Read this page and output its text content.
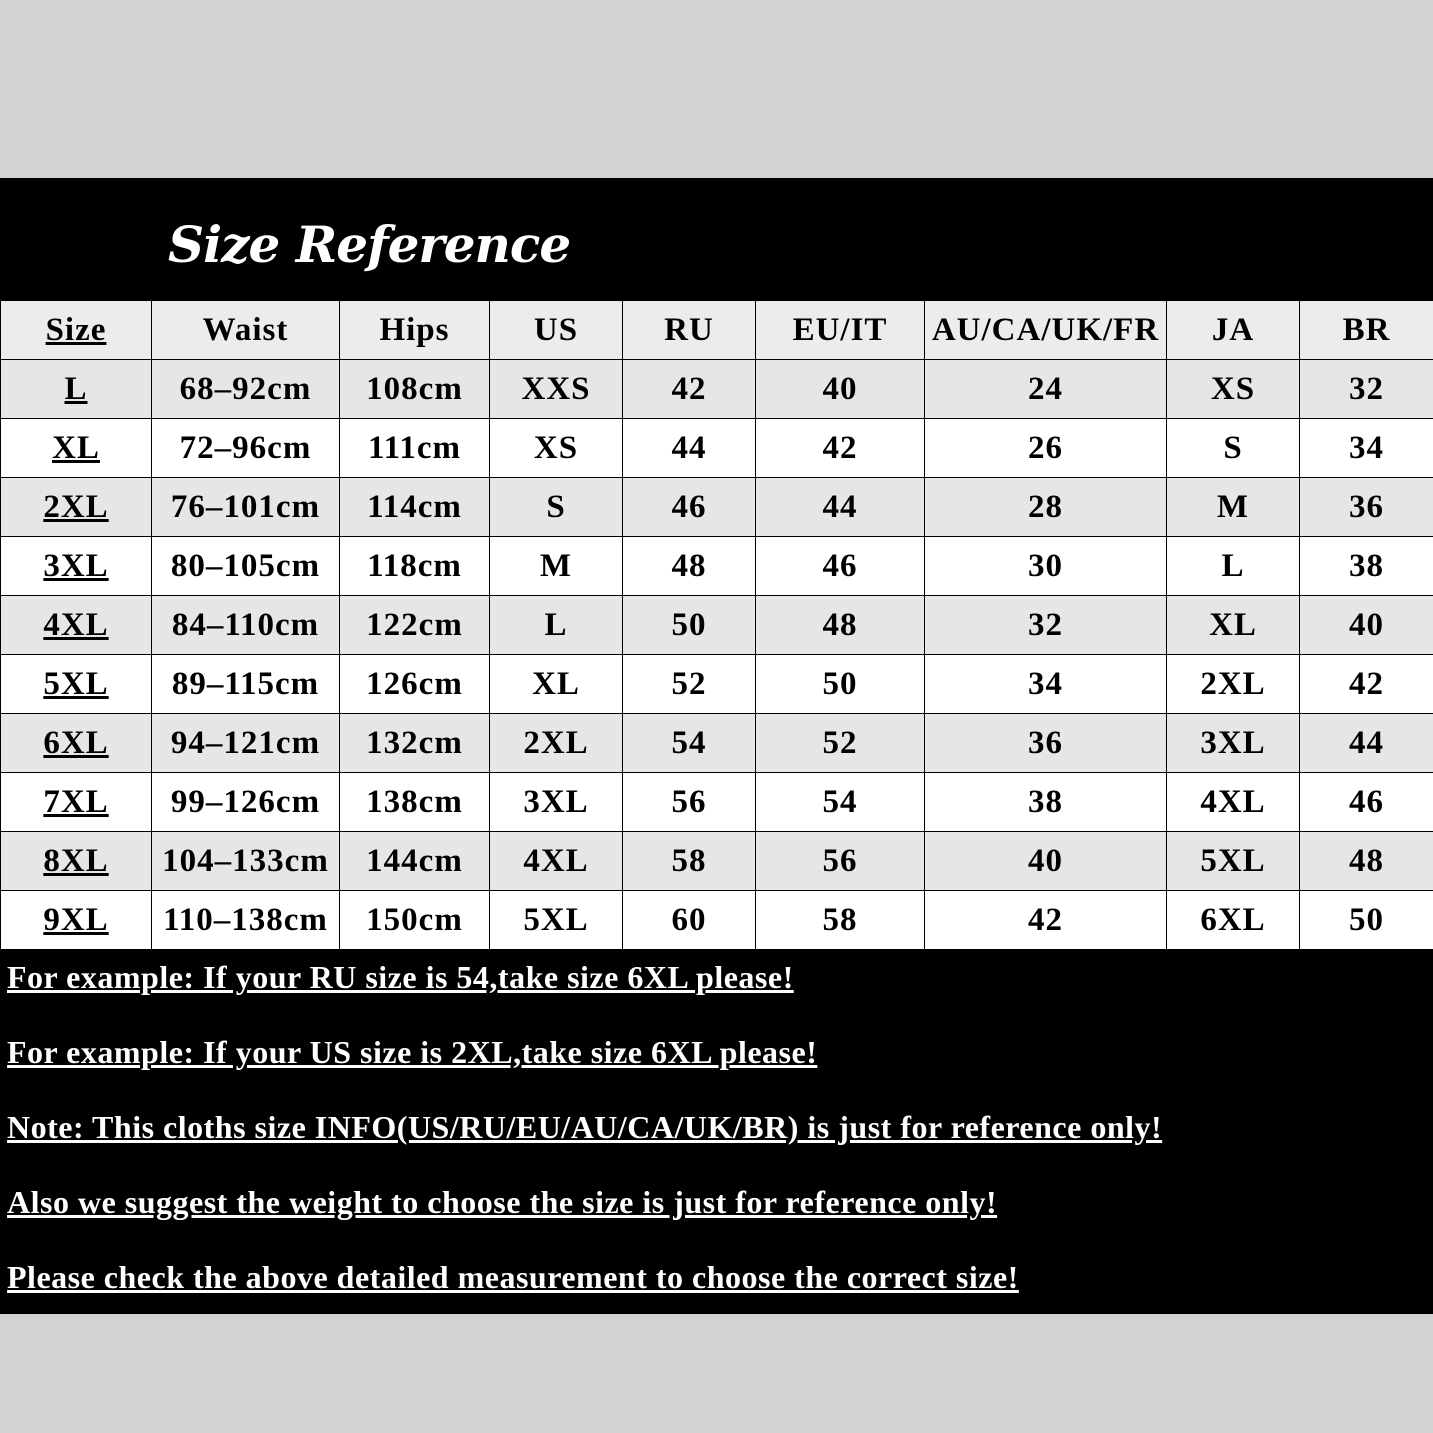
Size Reference
Size	Waist	Hips	US	RU	EU/IT	AU/CA/UK/FR	JA	BR
L	68–92cm	108cm	XXS	42	40	24	XS	32
XL	72–96cm	111cm	XS	44	42	26	S	34
2XL	76–101cm	114cm	S	46	44	28	M	36
3XL	80–105cm	118cm	M	48	46	30	L	38
4XL	84–110cm	122cm	L	50	48	32	XL	40
5XL	89–115cm	126cm	XL	52	50	34	2XL	42
6XL	94–121cm	132cm	2XL	54	52	36	3XL	44
7XL	99–126cm	138cm	3XL	56	54	38	4XL	46
8XL	104–133cm	144cm	4XL	58	56	40	5XL	48
9XL	110–138cm	150cm	5XL	60	58	42	6XL	50
For example: If your RU size is 54,take size 6XL please!
For example: If your US size is 2XL,take size 6XL please!
Note: This cloths size INFO(US/RU/EU/AU/CA/UK/BR) is just for reference only!
Also we suggest the weight to choose the size is just for reference only!
Please check the above detailed measurement to choose the correct size!
